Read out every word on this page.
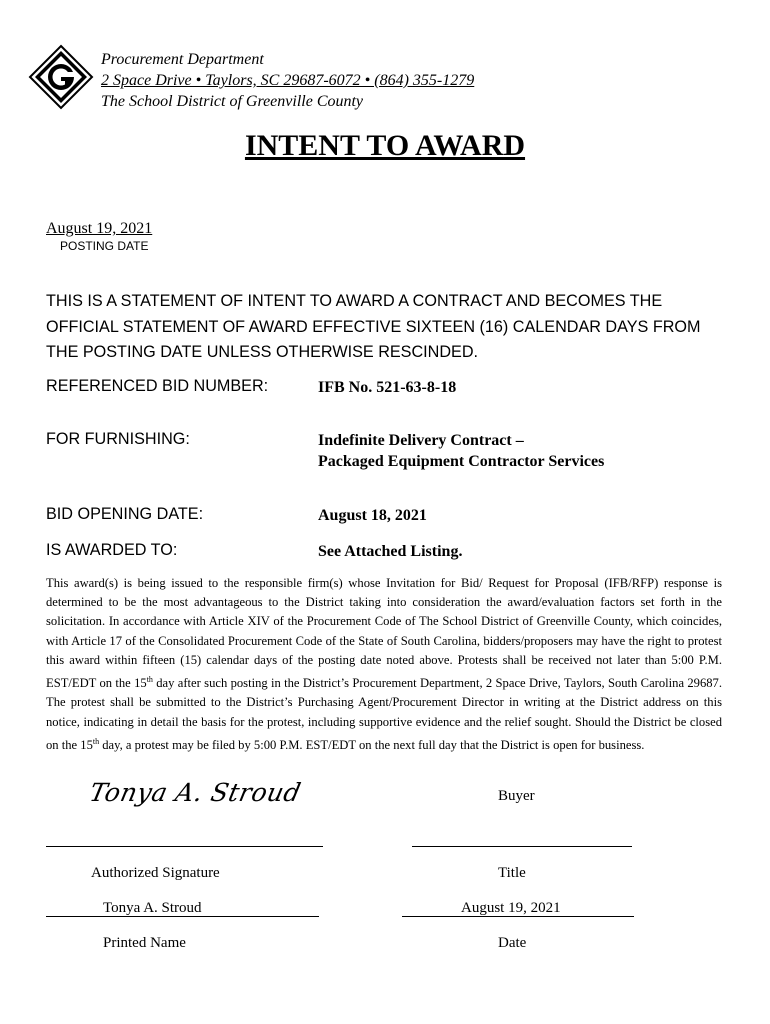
Procurement Department
2 Space Drive • Taylors, SC 29687-6072 • (864) 355-1279
The School District of Greenville County
INTENT TO AWARD
August 19, 2021
POSTING DATE
THIS IS A STATEMENT OF INTENT TO AWARD A CONTRACT AND BECOMES THE OFFICIAL STATEMENT OF AWARD EFFECTIVE SIXTEEN (16) CALENDAR DAYS FROM THE POSTING DATE UNLESS OTHERWISE RESCINDED.
REFERENCED BID NUMBER:	IFB No. 521-63-8-18
FOR FURNISHING:	Indefinite Delivery Contract –
Packaged Equipment Contractor Services
BID OPENING DATE:	August 18, 2021
IS AWARDED TO:	See Attached Listing.

This award(s) is being issued to the responsible firm(s) whose Invitation for Bid/ Request for Proposal (IFB/RFP) response is determined to be the most advantageous to the District taking into consideration the award/evaluation factors set forth in the solicitation. In accordance with Article XIV of the Procurement Code of The School District of Greenville County, which coincides, with Article 17 of the Consolidated Procurement Code of the State of South Carolina, bidders/proposers may have the right to protest this award within fifteen (15) calendar days of the posting date noted above. Protests shall be received not later than 5:00 P.M. EST/EDT on the 15th day after such posting in the District’s Procurement Department, 2 Space Drive, Taylors, South Carolina 29687. The protest shall be submitted to the District’s Purchasing Agent/Procurement Director in writing at the District address on this notice, indicating in detail the basis for the protest, including supportive evidence and the relief sought. Should the District be closed on the 15th day, a protest may be filed by 5:00 P.M. EST/EDT on the next full day that the District is open for business.

Tonya A. Stroud	Buyer
Authorized Signature	Title
Tonya A. Stroud	August 19, 2021
Printed Name	Date
